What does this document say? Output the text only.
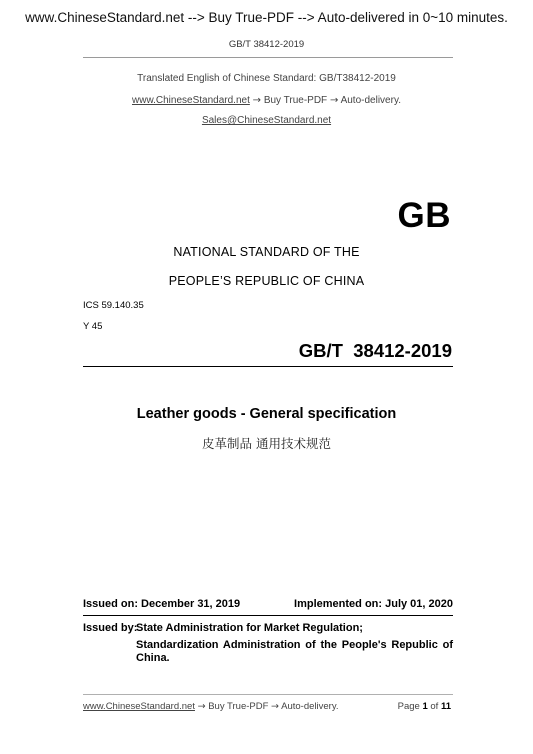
www.ChineseStandard.net --> Buy True-PDF --> Auto-delivered in 0~10 minutes.
GB/T 38412-2019
Translated English of Chinese Standard: GB/T38412-2019
www.ChineseStandard.net → Buy True-PDF → Auto-delivery.
Sales@ChineseStandard.net
GB
NATIONAL STANDARD OF THE
PEOPLE’S REPUBLIC OF CHINA
ICS 59.140.35
Y 45
GB/T  38412-2019
Leather goods - General specification
皮革制品 通用技术规范
Issued on: December 31, 2019	Implemented on: July 01, 2020
Issued by:
State Administration for Market Regulation;
Standardization Administration of the People's Republic of China.
www.ChineseStandard.net → Buy True-PDF → Auto-delivery.	Page 1 of 11
